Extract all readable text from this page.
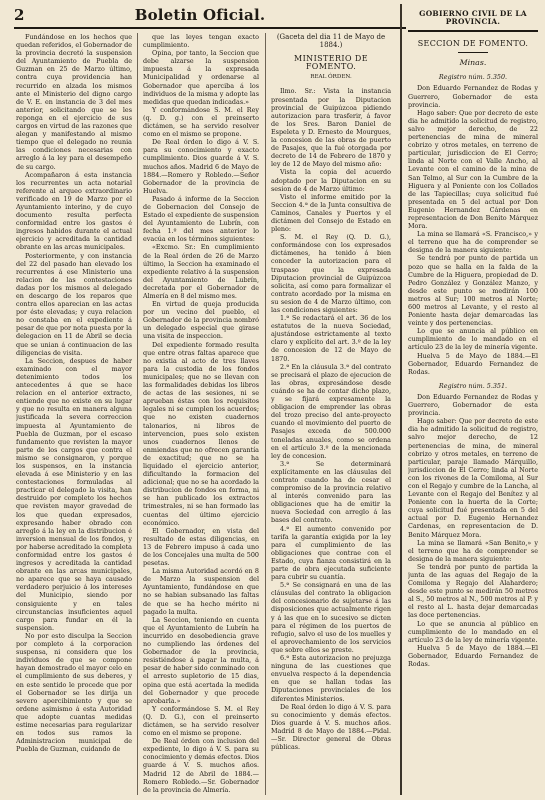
2	Boletin Oficial.

Fundándose en los hechos que quedan referidos, el Gobernador de la provincia decretó la suspension del Ayuntamiento de Puebla de Guzman en 25 de Marzo último, contra cuya providencia han recurrido en alzada los mismos ante el Ministerio del digno cargo de V. E. en instancia de 3 del mes anterior, solicitando que se les reponga en el ejercicio de sus cargos en virtud de las razones que alegan y manifestando al mismo tiempo que el delegado no reunia las condiciones necesarias con arreglo á la ley para el desempeño de su cargo.

Acompañaron á esta instancia los recurrentes un acta notarial referente al arqueo extraordinario verificado en 19 de Marzo por el Ayuntamiento interino, y de cuyo documento resulta perfecta conformidad entre los gastos é ingresos habidos durante el actual ejercicio y acreditada la cantidad obrante en las arcas municipales.

Posteriormente, y con instancia del 22 del pasado han elevado los recurrentes á ese Ministerio una relacion de las contestaciones dadas por los mismos al delegado en descargo de los reparos que contra ellos aparecian en las actas por éste elevadas; y cuya relacion no constaba en el expediente á pesar de que por nota puesta por la delegacion en 11 de Abril se decia que se unian á continuacion de las diligencias de visita.

La Seccion, despues de haber examinado con el mayor detenimiento todos los antecedentes á que se hace relacion en el anterior extracto, entiende que no existe en su lugar y que no resulta en manera alguna justificada la severa correccion impuesta al Ayuntamiento de Puebla de Guzman, por el escaso fundamento que revisten la mayor parte de los cargos que contra el mismo se consignaron, y porque los suspensos, en la instancia elevada á ese Ministerio y en las contestaciones formuladas al practicar el delegado la visita, han destruido por completo los hechos que revisten mayor gravedad de los que quedan expresados, expresando haber obrado con arreglo á la ley en la distribucion é inversion mensual de los fondos, y por haberse acreditado la completa conformidad entre los gastos é ingresos y acreditada la cantidad obrante en las arcas municipales, no aparece que se haya causado verdadero perjuicio á los intereses del Municipio, siendo por consiguiente y en tales circunstancias insuficientes aquel cargo para fundar en él la suspension.

No por esto disculpa la Seccion por completo á la corporacion suspensa, ni considera que los individuos de que se compone hayan demostrado el mayor celo en el cumplimiento de sus deberes, y en este sentido le procede que por el Gobernador se les dirija un severo apercibimiento y que se ordene asimismo á esta Autoridad que adopte cuantas medidas estime necesarias para regularizar en todos sus ramos la Administracion municipal de Puebla de Guzman, cuidando de

que las leyes tengan exacto cumplimiento.

Opina, por tanto, la Seccion que debe alzarse la suspension impuesta á la expresada Municipalidad y ordenarse al Gobernador que aperciba á los individuos de la misma y adopte las medidas que quedan indicadas.»

Y conformándose S. M. el Rey (q. D. g.) con el preinserto dictámen, se ha servido resolver como en el mismo se propone.

De Real órden lo digo á V. S. para su conocimiento y exacto cumplimiento. Dios guarde á V. S. muchos años. Madrid 6 de Mayo de 1884.—Romero y Robledo.—Señor Gobernador de la provincia de Huelva.

Pasado á informe de la Seccion de Gobernacion del Consejo de Estado el expediente de suspension del Ayuntamiento de Lubrín, con fecha 1.º del mes anterior lo evacúa en los términos siguientes:

«Excmo. Sr.: En cumplimiento de la Real órden de 26 de Marzo último, la Seccion ha examinado el expediente relativo á la suspension del Ayuntamiento de Lubrín, decretada por el Gobernador de Almería en 8 del mismo mes.

En virtud de queja producida por un vecino del pueblo, el Gobernador de la provincia nombró un delegado especial que girase una visita de inspeccion.

Del expediente formado resulta que entre otras faltas aparece que no existia al acto de tres llaves para la custodia de los fondos municipales; que no se llevan con las formalidades debidas los libros de actas de las sesiones, ni se aprueban éstas con los requisitos legales ni se cumplen los acuerdos; que no existen cuadernos talonarios, ni libros de intervencion, pues solo existen unos cuadernos llenos de enmiendas que no ofrecen garantía de exactitud; que no se ha liquidado el ejercicio anterior, dificultando la formacion del adicional; que no se ha acordado la distribucion de fondos en forma, ni se han publicado los extractos trimestrales, ni se han formado las cuentas del último ejercicio económico.

El Gobernador, en vista del resultado de estas diligencias, en 13 de Febrero impuso á cada uno de los Concejales una multa de 500 pesetas.

La misma Autoridad acordó en 8 de Marzo la suspension del Ayuntamiento, fundándose en que no se habian subsanado las faltas de que se ha hecho mérito ni pagado la multa.

La Seccion, teniendo en cuenta que el Ayuntamiento de Lubrín ha incurrido en desobediencia grave no cumpliendo las órdenes del Gobernador de la provincia, resistiéndose á pagar la multa, á pesar de haber sido conminado con el arresto supletorio de 15 dias, opina que está acertada la medida del Gobernador y que procede aprobarla.»

Y conformándose S. M. el Rey (Q. D. G.), con el preinserto dictámen, se ha servido resolver como en el mismo se propone.

De Real órden con inclusion del expediente, lo digo á V. S. para su conocimiento y demás efectos. Dios guarde á V. S. muchos años. Madrid 12 de Abril de 1884.—Romero Robledo.—Sr. Gobernador de la provincia de Almería.

(Gaceta del dia 11 de Mayo de 1884.)
MINISTERIO DE FOMENTO.
REAL ÓRDEN.

Ilmo. Sr.: Vista la instancia presentada por la Diputacion provincial de Guipúzcoa pidiendo autorizacion para trasferir, á favor de los Sres. Baron Daniel de Espeleta y D. Ernesto de Mourgues, la concesion de las obras de puerto de Pasajes, que la fué otorgada por decreto de 14 de Febrero de 1870 y ley de 12 de Mayo del mismo año:

Vista la copia del acuerdo adoptado por la Diputacion en su sesion de 4 de Marzo último:

Visto el informe emitido por la Seccion 4.ª de la Junta consultiva de Caminos, Canales y Puertos y el dictámen del Consejo de Estado en pleno:

S. M. el Rey (Q. D. G.), conformándose con los expresados dictámenes, ha tenido á bien conceder la autorizacion para el traspaso que la expresada Diputacion provincial de Guipúzcoa solicita, así como para formalizar el contrato acordado por la misma en su sesion de 4 de Marzo último, con las condiciones siguientes:

1.ª Se redactará el art. 36 de los estatutos de la nueva Sociedad, ajustándose estrictamente al texto claro y explícito del art. 3.º de la ley de concesion de 12 de Mayo de 1870.

2.ª En la cláusula 3.ª del contrato se precisará el plazo de ejecucion de las obras, expresándose desde cuándo se ha de contar dicho plazo, y se fijará expresamente la obligacion de emprender las obras del trozo preciso del ante-proyecto cuando el movimiento del puerto de Pasajes exceda de 500.000 toneladas anuales, como se ordena en el artículo 3.º de la mencionada ley de concesion.

3.ª Se determinará explícitamente en las cláusulas del contrato cuando ha de cesar el compromiso de la provincia relativo al interés convenido para las obligaciones que ha de emitir la nueva Sociedad con arreglo á las bases del contrato.

4.ª El aumento convenido por tarifa la garantía exigida por la ley para el cumplimiento de las obligaciones que contrae con el Estado, cuya fianza consistirá en la parte de obra ejecutada suficiente para cubrir su cuantía.

5.ª Se consignará en una de las cláusulas del contrato la obligacion del concesionario de sujetarse á las disposiciones que actualmente rigen y á las que en lo sucesivo se dicten para el régimen de los puertos de refugio, salvo el uso de los muelles y el aprovechamiento de los servicios que sobre ellos se preste.

6.ª Esta autorizacion no prejuzga ninguna de las cuestiones que envuelva respecto á la dependencia en que se hallan todas las Diputaciones provinciales de los diferentes Ministerios.

De Real órden lo digo á V. S. para su conocimiento y demás efectos. Dios guarde á V. S. muchos años. Madrid 8 de Mayo de 1884.—Pidal.—Sr. Director general de Obras públicas.

GOBIERNO CIVIL DE LA PROVINCIA.
SECCION DE FOMENTO.
Minas.

Registro núm. 5.350.

Don Eduardo Fernandez de Rodas y Guerrero, Gobernador de esta provincia.

Hago saber: Que por decreto de este dia he admitido la solicitud de registro, salvo mejor derecho, de 22 pertenencias de mina de mineral cobrizo y otros metales, en terreno de particular, jurisdiccion de El Cerro; linda al Norte con el Valle Ancho, al Levante con el camino de la mina de San Telmo, al Sur con la Cumbre de la Higuera y al Poniente con los Collados de las Tapiecillas; cuya solicitud fué presentada en 5 del actual por Don Eugenio Hernandez Cárdenas en representacion de Don Benito Márquez Mora.

La mina se llamará «S. Francisco,» y el terreno que ha de comprender se designa de la manera siguiente:

Se tendrá por punto de partida un pozo que se halla en la falda de la Cumbre de la Higuera, propiedad de D. Pedro González y González Manzo, y desde este punto se medirán 100 metros al Sur; 100 metros al Norte; 600 metros al Levante, y el resto al Poniente hasta dejar demarcadas las veinte y dos pertenencias.

Lo que se anuncia al público en cumplimiento de lo mandado en el artículo 23 de la ley de minería vigente.

Huelva 5 de Mayo de 1884.—El Gobernador, Eduardo Fernandez de Rodas.

Registro núm. 5.351.

Don Eduardo Fernandez de Rodas y Guerrero, Gobernador de esta provincia.

Hago saber: Que por decreto de este dia he admitido la solicitud de registro, salvo mejor derecho, de 12 pertenencias de mina, de mineral cobrizo y otros metales, en terreno de particular, paraje llamado Márquillo, jurisdiccion de El Cerro; linda al Norte con los rivones de la Comiloma, al Sur con el Regajo y cumbre de la Lancha, al Levante con el Regajo del Benítez y al Poniente con la huerta de la Corte; cuya solicitud fué presentada en 5 del actual por D. Eugenio Hernandez Cardenas, en representacion de D. Benito Márquez Mora.

La mina se llamará «San Benito,» y el terreno que ha de comprender se designa de la manera siguiente:

Se tendrá por punto de partida la junta de las aguas del Regajo de la Comiloma y Regajo del Alahardero; desde este punto se medirán 50 metros al S., 50 metros al N., 500 metros al P. y el resto al L. hasta dejar demarcadas las doce pertenencias.

Lo que se anuncia al público en cumplimiento de lo mandado en el artículo 23 de la ley de minería vigente.

Huelva 5 de Mayo de 1884.—El Gobernador, Eduardo Fernandez de Rodas.
